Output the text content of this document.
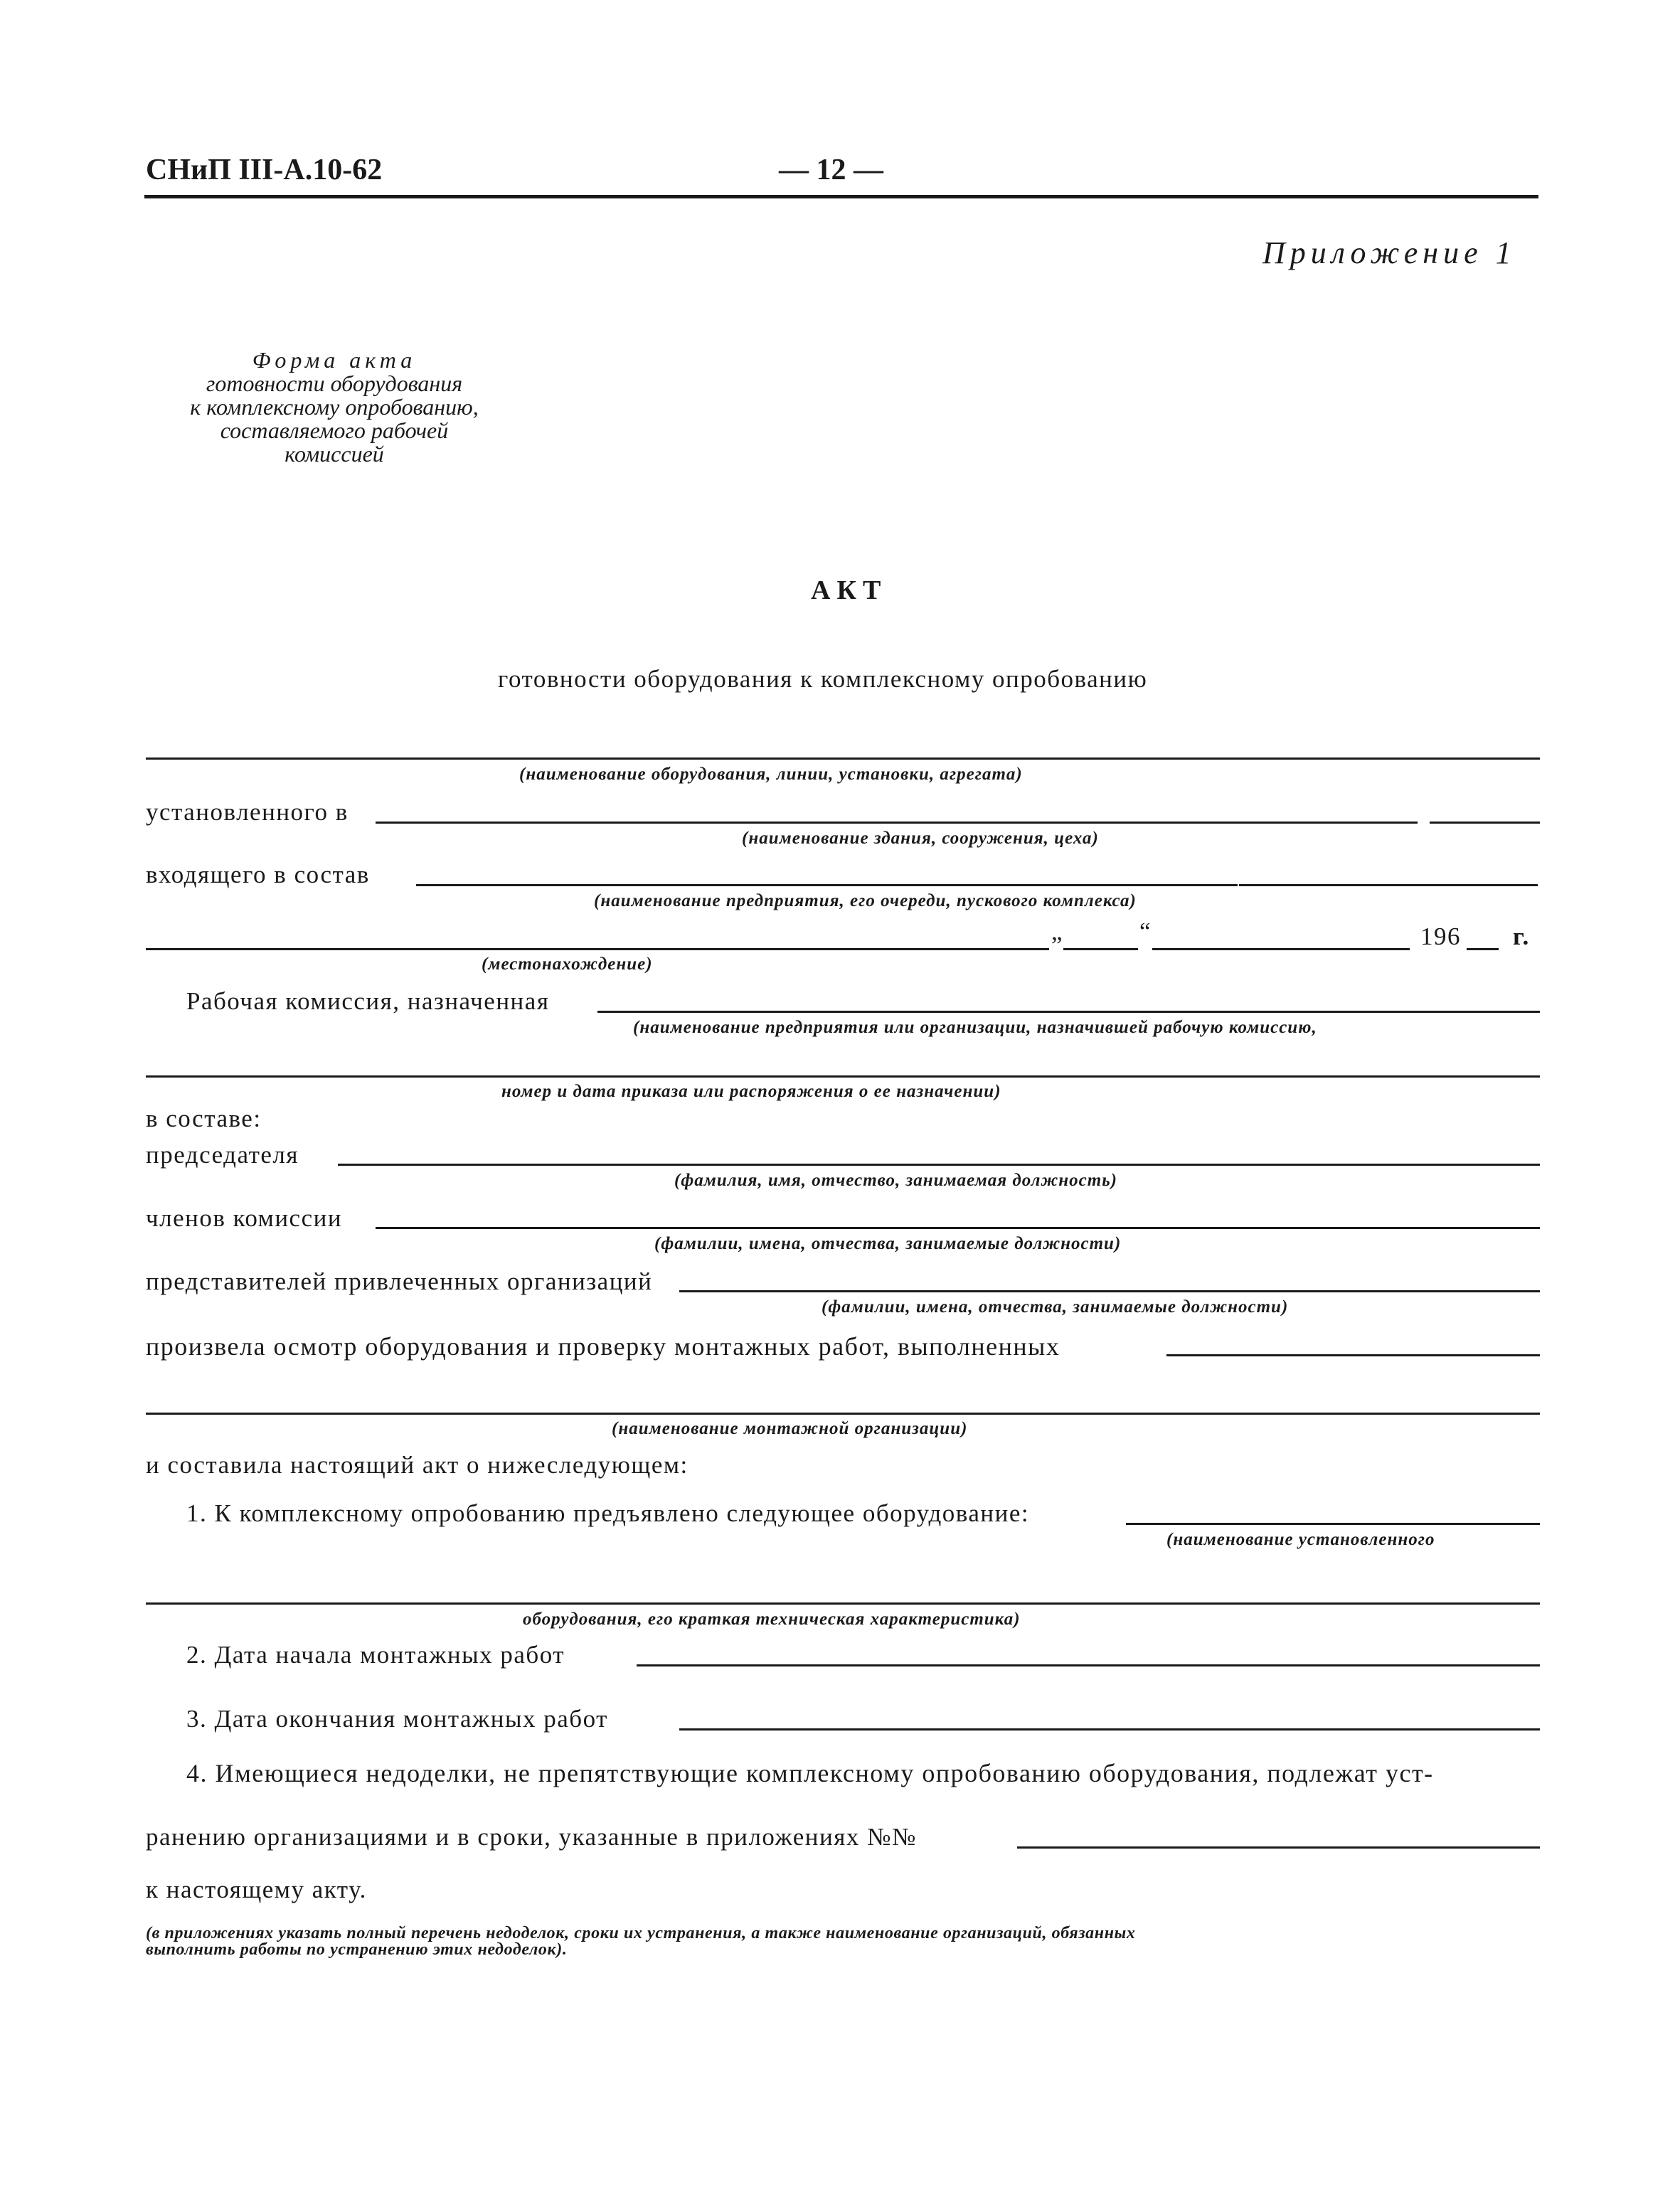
СНиП III-А.10-62	— 12 —
Приложение 1
Форма акта
готовности оборудования
к комплексному опробованию,
составляемого рабочей
комиссией
АКТ
готовности оборудования к комплексному опробованию
(наименование оборудования, линии, установки, агрегата)
установленного в
(наименование здания, сооружения, цеха)
входящего в состав
(наименование предприятия, его очереди, пускового комплекса)
„	“	196 г.
(местонахождение)
Рабочая комиссия, назначенная
(наименование предприятия или организации, назначившей рабочую комиссию,
номер и дата приказа или распоряжения о ее назначении)
в составе:
председателя
(фамилия, имя, отчество, занимаемая должность)
членов комиссии
(фамилии, имена, отчества, занимаемые должности)
представителей привлеченных организаций
(фамилии, имена, отчества, занимаемые должности)
произвела осмотр оборудования и проверку монтажных работ, выполненных
(наименование монтажной организации)
и составила настоящий акт о нижеследующем:
1. К комплексному опробованию предъявлено следующее оборудование:
(наименование установленного
оборудования, его краткая техническая характеристика)
2. Дата начала монтажных работ
3. Дата окончания монтажных работ
4. Имеющиеся недоделки, не препятствующие комплексному опробованию оборудования, подлежат уст-
ранению организациями и в сроки, указанные в приложениях №№
к настоящему акту.
(в приложениях указать полный перечень недоделок, сроки их устранения, а также наименование организаций, обязанных
выполнить работы по устранению этих недоделок).
